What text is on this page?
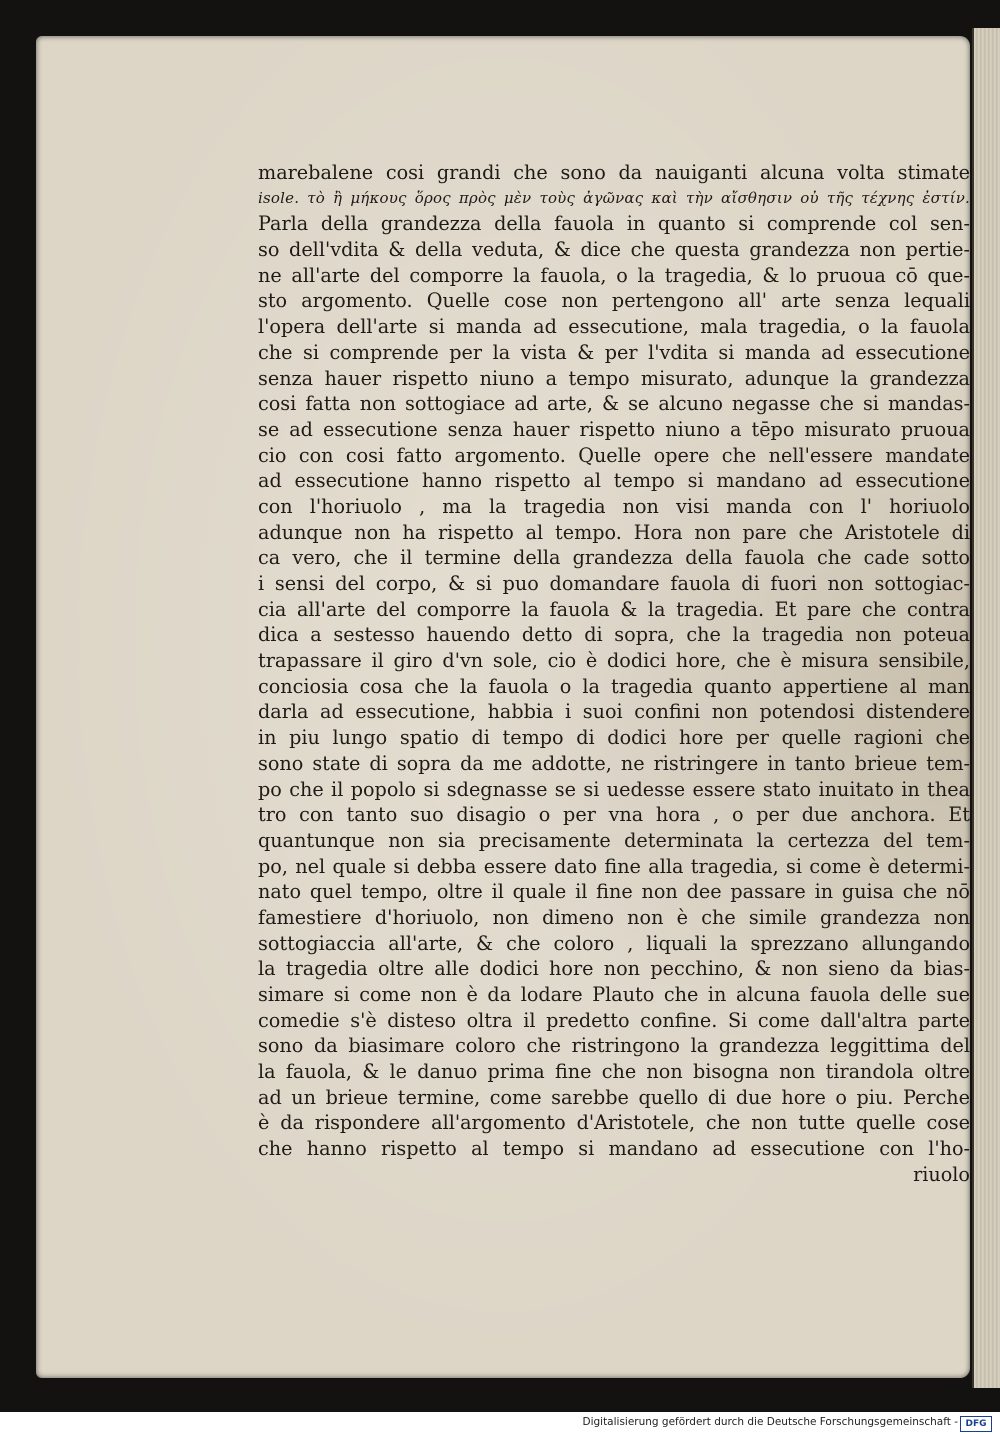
marebalene cosi grandi che sono da nauiganti alcuna volta stimate
isole. τὸ ἢ μήκους ὅρος πρὸς μὲν τοὺς ἀγῶνας καὶ τὴν αἴσθησιν οὐ τῆς τέχνης ἐστίν.
Parla della grandezza della fauola in quanto si comprende col sen-
so dell'vdita & della veduta, & dice che questa grandezza non pertie-
ne all'arte del comporre la fauola, o la tragedia, & lo pruoua cō que-
sto argomento. Quelle cose non pertengono all' arte senza lequali
l'opera dell'arte si manda ad essecutione, mala tragedia, o la fauola
che si comprende per la vista & per l'vdita si manda ad essecutione
senza hauer rispetto niuno a tempo misurato, adunque la grandezza
cosi fatta non sottogiace ad arte, & se alcuno negasse che si mandas-
se ad essecutione senza hauer rispetto niuno a tēpo misurato pruoua
cio con cosi fatto argomento. Quelle opere che nell'essere mandate
ad essecutione hanno rispetto al tempo si mandano ad essecutione
con l'horiuolo , ma la tragedia non visi manda con l' horiuolo
adunque non ha rispetto al tempo. Hora non pare che Aristotele di
ca vero, che il termine della grandezza della fauola che cade sotto
i sensi del corpo, & si puo domandare fauola di fuori non sottogiac-
cia all'arte del comporre la fauola & la tragedia. Et pare che contra
dica a sestesso hauendo detto di sopra, che la tragedia non poteua
trapassare il giro d'vn sole, cio è dodici hore, che è misura sensibile,
conciosia cosa che la fauola o la tragedia quanto appertiene al man
darla ad essecutione, habbia i suoi confini non potendosi distendere
in piu lungo spatio di tempo di dodici hore per quelle ragioni che
sono state di sopra da me addotte, ne ristringere in tanto brieue tem-
po che il popolo si sdegnasse se si uedesse essere stato inuitato in thea
tro con tanto suo disagio o per vna hora , o per due anchora. Et
quantunque non sia precisamente determinata la certezza del tem-
po, nel quale si debba essere dato fine alla tragedia, si come è determi-
nato quel tempo, oltre il quale il fine non dee passare in guisa che nō
famestiere d'horiuolo, non dimeno non è che simile grandezza non
sottogiaccia all'arte, & che coloro , liquali la sprezzano allungando
la tragedia oltre alle dodici hore non pecchino, & non sieno da bias-
simare si come non è da lodare Plauto che in alcuna fauola delle sue
comedie s'è disteso oltra il predetto confine. Si come dall'altra parte
sono da biasimare coloro che ristringono la grandezza leggittima del
la fauola, & le danuo prima fine che non bisogna non tirandola oltre
ad un brieue termine, come sarebbe quello di due hore o piu. Perche
è da rispondere all'argomento d'Aristotele, che non tutte quelle cose
che hanno rispetto al tempo si mandano ad essecutione con l'ho-
riuolo
Digitalisierung gefördert durch die Deutsche Forschungsgemeinschaft - DFG
